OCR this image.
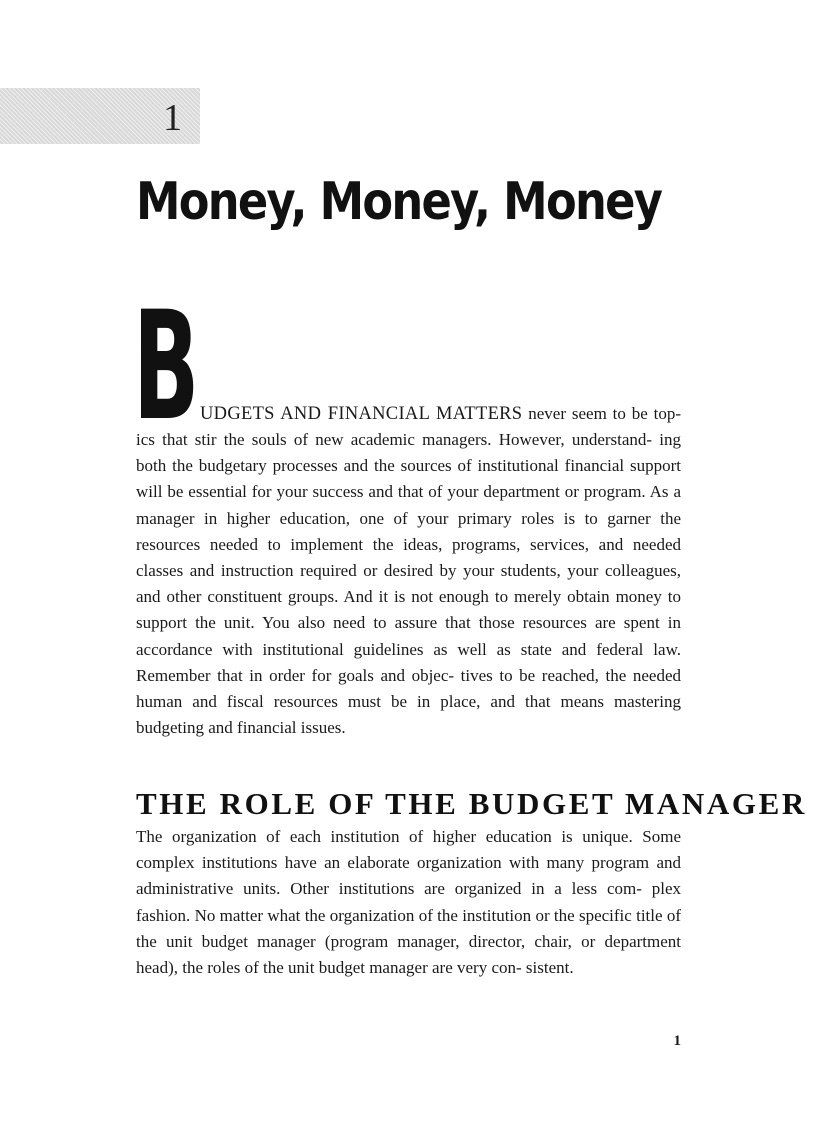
1
Money, Money, Money
B UDGETS AND FINANCIAL MATTERS never seem to be top-

ics that stir the souls of new academic managers. However, understand- ing both the budgetary processes and the sources of institutional financial support will be essential for your success and that of your department or program. As a manager in higher education, one of your primary roles is to garner the resources needed to implement the ideas, programs, services, and needed classes and instruction required or desired by your students, your colleagues, and other constituent groups. And it is not enough to merely obtain money to support the unit. You also need to assure that those resources are spent in accordance with institutional guidelines as well as state and federal law. Remember that in order for goals and objec- tives to be reached, the needed human and fiscal resources must be in place, and that means mastering budgeting and financial issues.

THE ROLE OF THE BUDGET MANAGER

The organization of each institution of higher education is unique. Some complex institutions have an elaborate organization with many program and administrative units. Other institutions are organized in a less com- plex fashion. No matter what the organization of the institution or the specific title of the unit budget manager (program manager, director, chair, or department head), the roles of the unit budget manager are very con- sistent.

1
